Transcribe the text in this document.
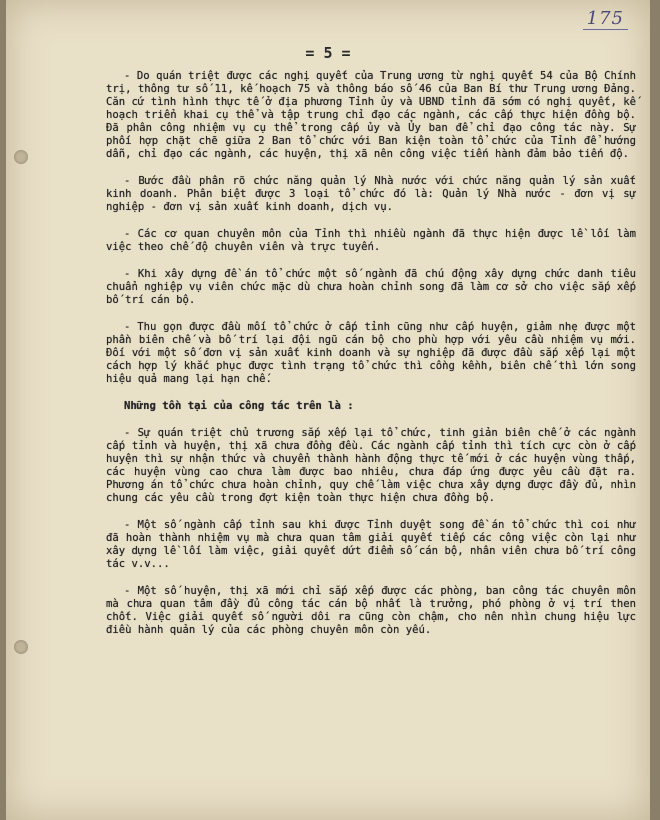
175
= 5 =

- Do quán triệt được các nghị quyết của Trung ương từ nghị quyết 54 của Bộ Chính trị, thông tư số 11, kế hoạch 75 và thông báo số 46 của Ban Bí thư Trung ương Đảng. Căn cứ tình hình thực tế ở địa phương Tỉnh ủy và UBND tỉnh đã sớm có nghị quyết, kế hoạch triển khai cụ thể và tập trung chỉ đạo các ngành, các cấp thực hiện đồng bộ. Đã phân công nhiệm vụ cụ thể trong cấp ủy và Ủy ban để chỉ đạo công tác này. Sự phối hợp chặt chẽ giữa 2 Ban tổ chức với Ban kiện toàn tổ chức của Tỉnh để hướng dẫn, chỉ đạo các ngành, các huyện, thị xã nên công việc tiến hành đảm bảo tiến độ.

- Bước đầu phân rõ chức năng quản lý Nhà nước với chức năng quản lý sản xuất kinh doanh. Phân biệt được 3 loại tổ chức đó là: Quản lý Nhà nước - đơn vị sự nghiệp - đơn vị sản xuất kinh doanh, dịch vụ.

- Các cơ quan chuyên môn của Tỉnh thì nhiều ngành đã thực hiện được lề lối làm việc theo chế độ chuyên viên và trực tuyến.

- Khi xây dựng đề án tổ chức một số ngành đã chú động xây dựng chức danh tiêu chuẩn nghiệp vụ viên chức mặc dù chưa hoàn chỉnh song đã làm cơ sở cho việc sắp xếp bố trí cán bộ.

- Thu gọn được đầu mối tổ chức ở cấp tỉnh cũng như cấp huyện, giảm nhẹ được một phần biên chế và bố trí lại đội ngũ cán bộ cho phù hợp với yêu cầu nhiệm vụ mới. Đối với một số đơn vị sản xuất kinh doanh và sự nghiệp đã được đầu sắp xếp lại một cách hợp lý khắc phục được tình trạng tổ chức thì cồng kềnh, biên chế thì lớn song hiệu quả mang lại hạn chế.

Những tồn tại của công tác trên là :

- Sự quán triệt chủ trương sắp xếp lại tổ chức, tinh giản biên chế ở các ngành cấp tỉnh và huyện, thị xã chưa đồng đều. Các ngành cấp tỉnh thì tích cực còn ở cấp huyện thì sự nhận thức và chuyển thành hành động thực tế mới ở các huyện vùng thấp, các huyện vùng cao chưa làm được bao nhiêu, chưa đáp ứng được yêu cầu đặt ra. Phương án tổ chức chưa hoàn chỉnh, quy chế làm việc chưa xây dựng được đầy đủ, nhìn chung các yêu cầu trong đợt kiện toàn thực hiện chưa đồng bộ.

- Một số ngành cấp tỉnh sau khi được Tỉnh duyệt song đề án tổ chức thì coi như đã hoàn thành nhiệm vụ mà chưa quan tâm giải quyết tiếp các công việc còn lại như xây dựng lề lối làm việc, giải quyết dứt điểm số cán bộ, nhân viên chưa bố trí công tác v.v...

- Một số huyện, thị xã mới chỉ sắp xếp được các phòng, ban công tác chuyên môn mà chưa quan tâm đầy đủ công tác cán bộ nhất là trưởng, phó phòng ở vị trí then chốt. Việc giải quyết số người dôi ra cũng còn chậm, cho nên nhìn chung hiệu lực điều hành quản lý của các phòng chuyên môn còn yếu.
